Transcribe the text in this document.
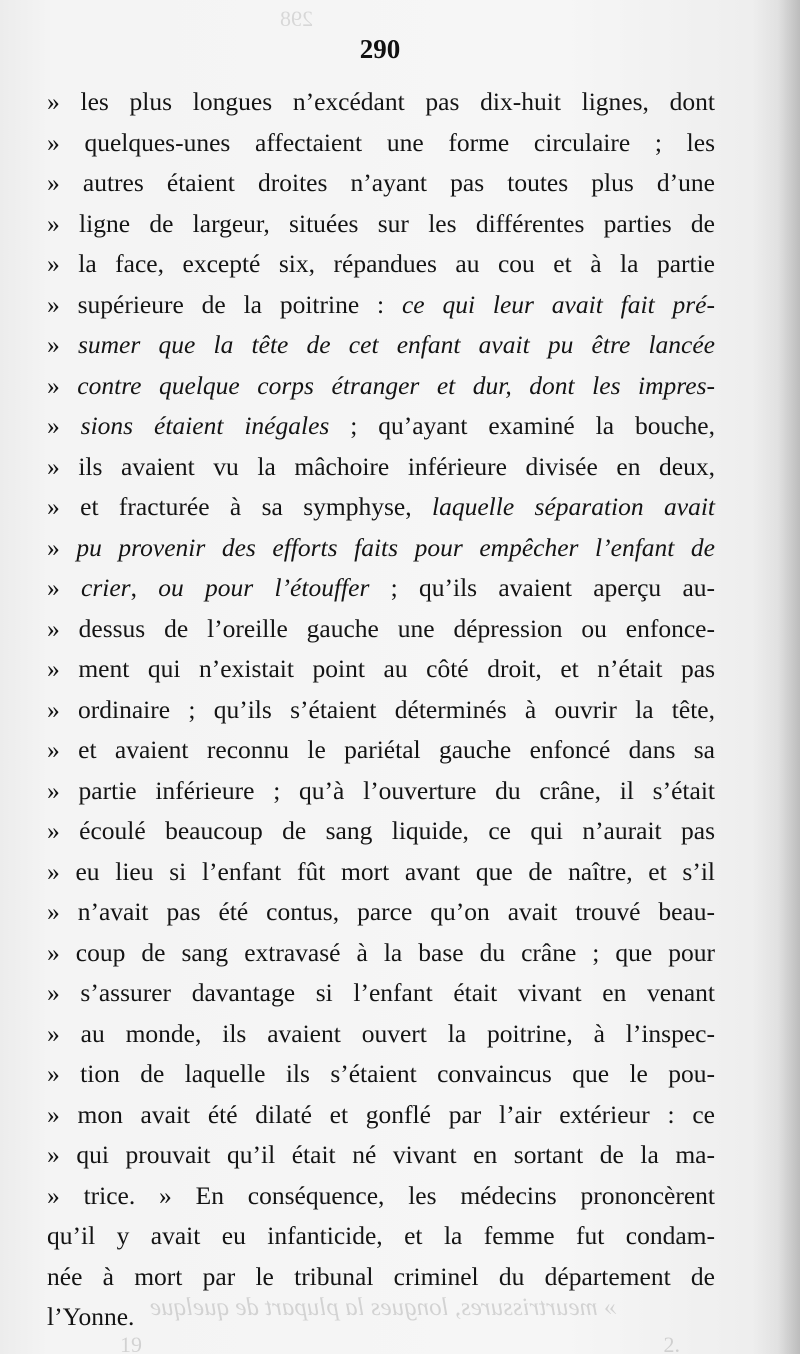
290
» les plus longues n’excédant pas dix-huit lignes, dont
» quelques-unes affectaient une forme circulaire ; les
» autres étaient droites n’ayant pas toutes plus d’une
» ligne de largeur, situées sur les différentes parties de
» la face, excepté six, répandues au cou et à la partie
» supérieure de la poitrine : ce qui leur avait fait pré-
» sumer que la tête de cet enfant avait pu être lancée
» contre quelque corps étranger et dur, dont les impres-
» sions étaient inégales ; qu’ayant examiné la bouche,
» ils avaient vu la mâchoire inférieure divisée en deux,
» et fracturée à sa symphyse, laquelle séparation avait
» pu provenir des efforts faits pour empêcher l’enfant de
» crier, ou pour l’étouffer ; qu’ils avaient aperçu au-
» dessus de l’oreille gauche une dépression ou enfonce-
» ment qui n’existait point au côté droit, et n’était pas
» ordinaire ; qu’ils s’étaient déterminés à ouvrir la tête,
» et avaient reconnu le pariétal gauche enfoncé dans sa
» partie inférieure ; qu’à l’ouverture du crâne, il s’était
» écoulé beaucoup de sang liquide, ce qui n’aurait pas
» eu lieu si l’enfant fût mort avant que de naître, et s’il
» n’avait pas été contus, parce qu’on avait trouvé beau-
» coup de sang extravasé à la base du crâne ; que pour
» s’assurer davantage si l’enfant était vivant en venant
» au monde, ils avaient ouvert la poitrine, à l’inspec-
» tion de laquelle ils s’étaient convaincus que le pou-
» mon avait été dilaté et gonflé par l’air extérieur : ce
» qui prouvait qu’il était né vivant en sortant de la ma-
» trice. » En conséquence, les médecins prononcèrent
qu’il y avait eu infanticide, et la femme fut condam-
née à mort par le tribunal criminel du département de
l’Yonne.
298
» meurtrissures, longues la plupart de quelque
19	2.
